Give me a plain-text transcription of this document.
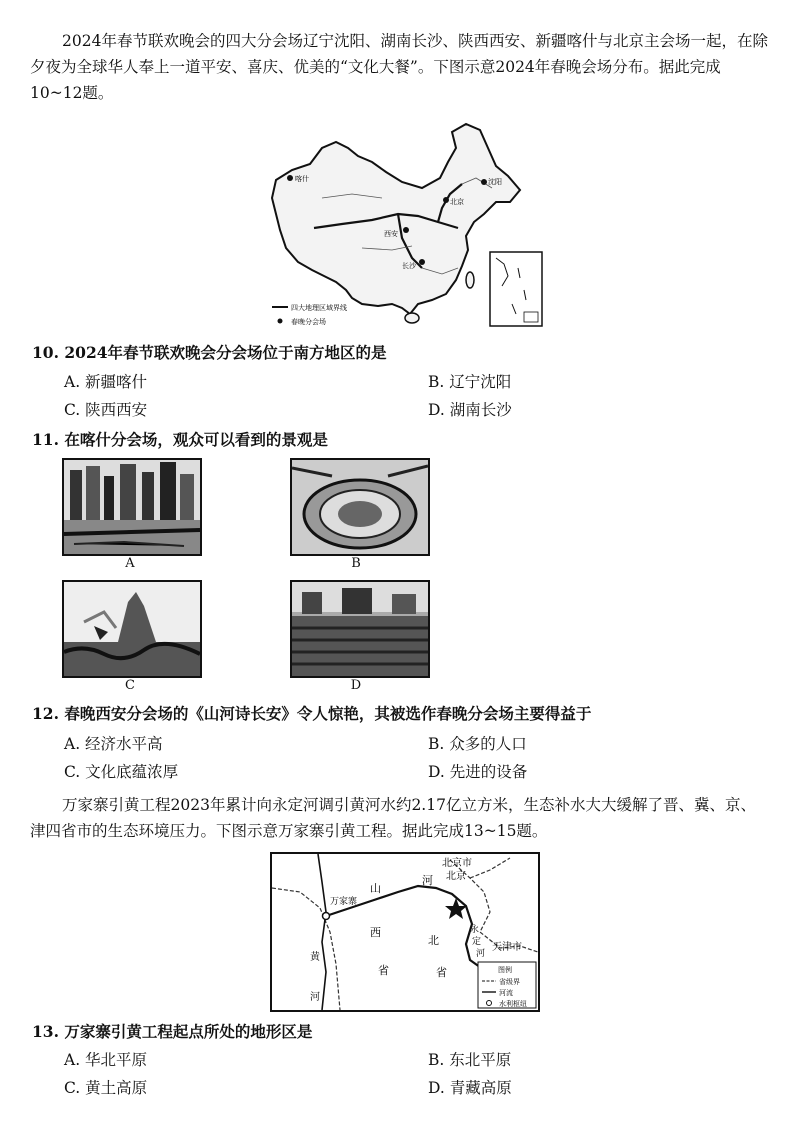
2024年春节联欢晚会的四大分会场辽宁沈阳、湖南长沙、陕西西安、新疆喀什与北京主会场一起，在除夕夜为全球华人奉上一道平安、喜庆、优美的“文化大餐”。下图示意2024年春晚会场分布。据此完成10~12题。
喀什
北京
西安
长沙
沈阳
四大地理区域界线
春晚分会场
10. 2024年春节联欢晚会分会场位于南方地区的是
A. 新疆喀什	B. 辽宁沈阳
C. 陕西西安	D. 湖南长沙
11. 在喀什分会场，观众可以看到的景观是
A	B
C	D
12. 春晚西安分会场的《山河诗长安》令人惊艳，其被选作春晚分会场主要得益于
A. 经济水平高	B. 众多的人口
C. 文化底蕴浓厚	D. 先进的设备
万家寨引黄工程2023年累计向永定河调引黄河水约2.17亿立方米，生态补水大大缓解了晋、冀、京、津四省市的生态环境压力。下图示意万家寨引黄工程。据此完成13~15题。
北京市
北京
天津市
万家寨
山
西
省
河
北
省
黄
河
永
定
河
图例
省级界
河流
水利枢纽
13. 万家寨引黄工程起点所处的地形区是
A. 华北平原	B. 东北平原
C. 黄土高原	D. 青藏高原
